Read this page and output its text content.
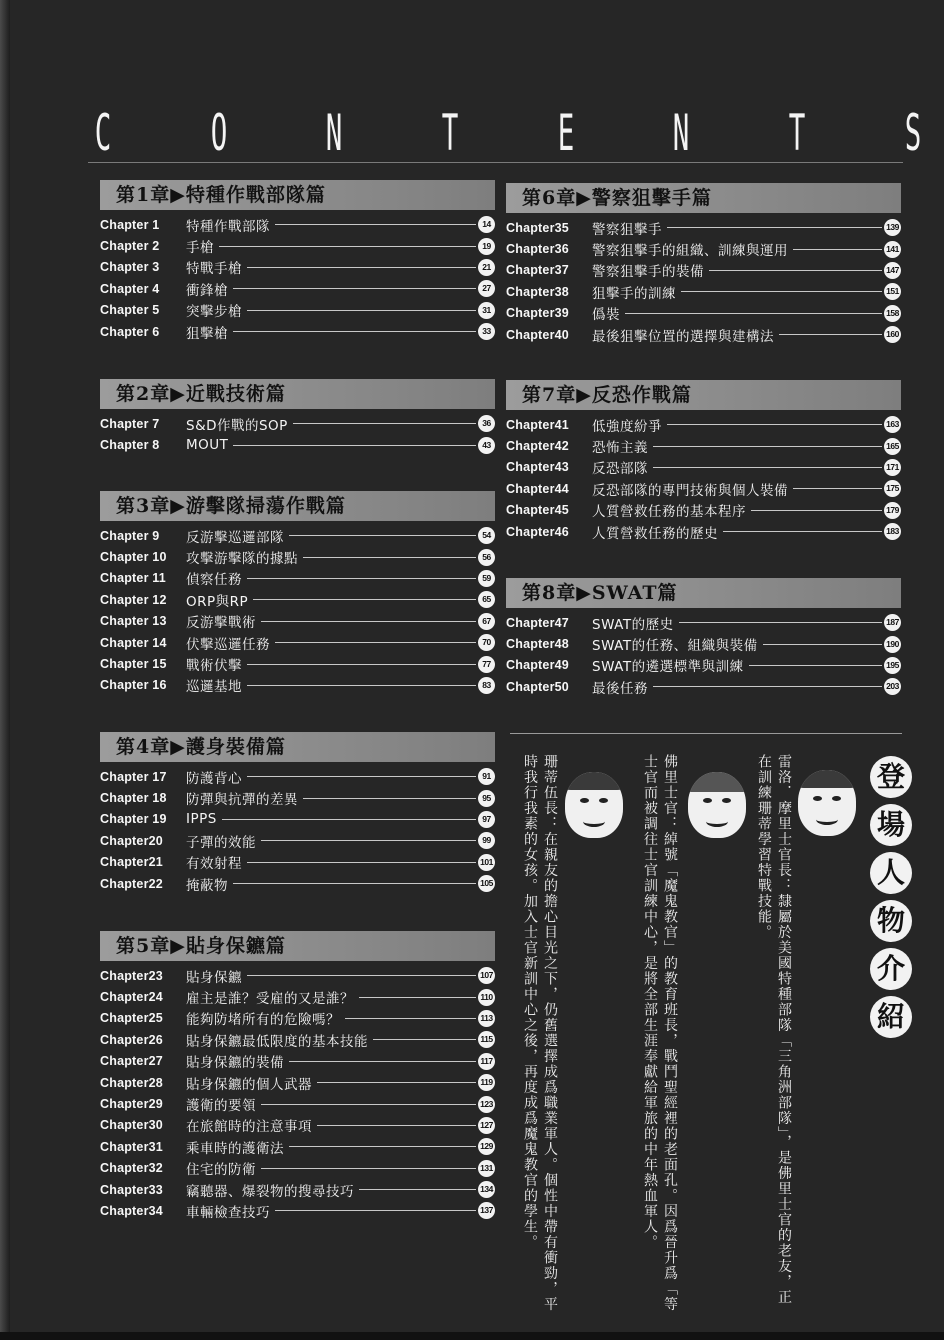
C O N T E N T S
第1章▶特種作戰部隊篇
Chapter 1	特種作戰部隊	14
Chapter 2	手槍	19
Chapter 3	特戰手槍	21
Chapter 4	衝鋒槍	27
Chapter 5	突擊步槍	31
Chapter 6	狙擊槍	33
第2章▶近戰技術篇
Chapter 7	S&D作戰的SOP	36
Chapter 8	MOUT	43
第3章▶游擊隊掃蕩作戰篇
Chapter 9	反游擊巡邏部隊	54
Chapter 10	攻擊游擊隊的據點	56
Chapter 11	偵察任務	59
Chapter 12	ORP與RP	65
Chapter 13	反游擊戰術	67
Chapter 14	伏擊巡邏任務	70
Chapter 15	戰術伏擊	77
Chapter 16	巡邏基地	83
第4章▶護身裝備篇
Chapter 17	防護背心	91
Chapter 18	防彈與抗彈的差異	95
Chapter 19	IPPS	97
Chapter20	子彈的效能	99
Chapter21	有效射程	101
Chapter22	掩蔽物	105
第5章▶貼身保鑣篇
Chapter23	貼身保鑣	107
Chapter24	雇主是誰？受雇的又是誰？	110
Chapter25	能夠防堵所有的危險嗎？	113
Chapter26	貼身保鑣最低限度的基本技能	115
Chapter27	貼身保鑣的裝備	117
Chapter28	貼身保鑣的個人武器	119
Chapter29	護衛的要領	123
Chapter30	在旅館時的注意事項	127
Chapter31	乘車時的護衛法	129
Chapter32	住宅的防衛	131
Chapter33	竊聽器、爆裂物的搜尋技巧	134
Chapter34	車輛檢查技巧	137
第6章▶警察狙擊手篇
Chapter35	警察狙擊手	139
Chapter36	警察狙擊手的組織、訓練與運用	141
Chapter37	警察狙擊手的裝備	147
Chapter38	狙擊手的訓練	151
Chapter39	僞裝	158
Chapter40	最後狙擊位置的選擇與建構法	160
第7章▶反恐作戰篇
Chapter41	低強度紛爭	163
Chapter42	恐怖主義	165
Chapter43	反恐部隊	171
Chapter44	反恐部隊的專門技術與個人裝備	175
Chapter45	人質營救任務的基本程序	179
Chapter46	人質營救任務的歷史	183
第8章▶SWAT篇
Chapter47	SWAT的歷史	187
Chapter48	SWAT的任務、組織與裝備	190
Chapter49	SWAT的遴選標準與訓練	195
Chapter50	最後任務	203
登
場
人
物
介
紹
雷洛．摩里士官長：隸屬於美國特種部隊「三角洲部隊」，是佛里士官的老友，正
在訓練珊蒂學習特戰技能。
佛里士官：綽號「魔鬼教官」的教育班長，戰鬥聖經裡的老面孔。因爲晉升爲「等
士官而被調往士官訓練中心，是將全部生涯奉獻給軍旅的中年熱血軍人。
珊蒂伍長：在親友的擔心目光之下，仍舊選擇成爲職業軍人。個性中帶有衝勁，平
時我行我素的女孩。加入士官新訓中心之後，再度成爲魔鬼教官的學生。
